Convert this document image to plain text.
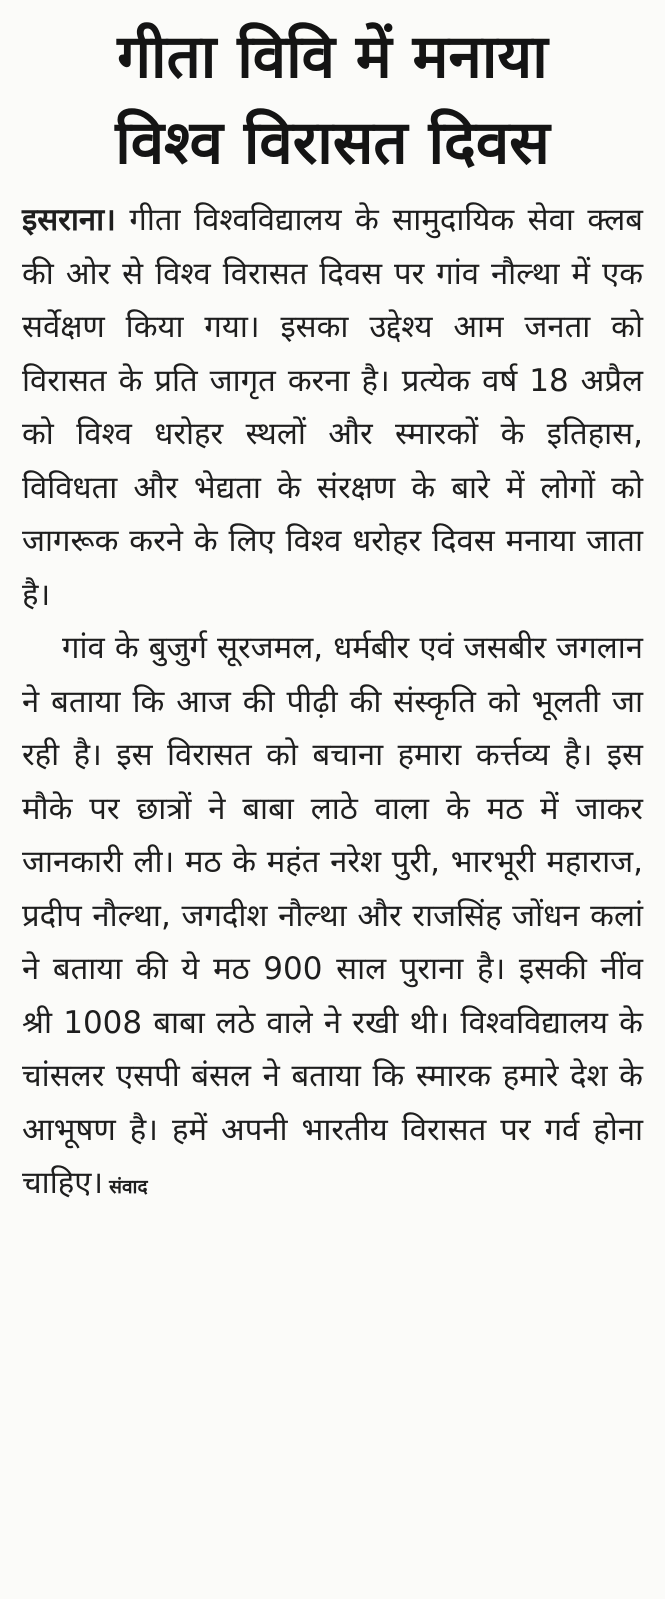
गीता विवि में मनाया
विश्व विरासत दिवस

इसराना। गीता विश्वविद्यालय के सामुदायिक सेवा क्लब की ओर से विश्व विरासत दिवस पर गांव नौल्था में एक सर्वेक्षण किया गया। इसका उद्देश्य आम जनता को विरासत के प्रति जागृत करना है। प्रत्येक वर्ष 18 अप्रैल को विश्व धरोहर स्थलों और स्मारकों के इतिहास, विविधता और भेद्यता के संरक्षण के बारे में लोगों को जागरूक करने के लिए विश्व धरोहर दिवस मनाया जाता है।

गांव के बुजुर्ग सूरजमल, धर्मबीर एवं जसबीर जगलान ने बताया कि आज की पीढ़ी की संस्कृति को भूलती जा रही है। इस विरासत को बचाना हमारा कर्त्तव्य है। इस मौके पर छात्रों ने बाबा लाठे वाला के मठ में जाकर जानकारी ली। मठ के महंत नरेश पुरी, भारभूरी महाराज, प्रदीप नौल्था, जगदीश नौल्था और राजसिंह जोंधन कलां ने बताया की ये मठ 900 साल पुराना है। इसकी नींव श्री 1008 बाबा लठे वाले ने रखी थी। विश्वविद्यालय के चांसलर एसपी बंसल ने बताया कि स्मारक हमारे देश के आभूषण है। हमें अपनी भारतीय विरासत पर गर्व होना चाहिए। संवाद
